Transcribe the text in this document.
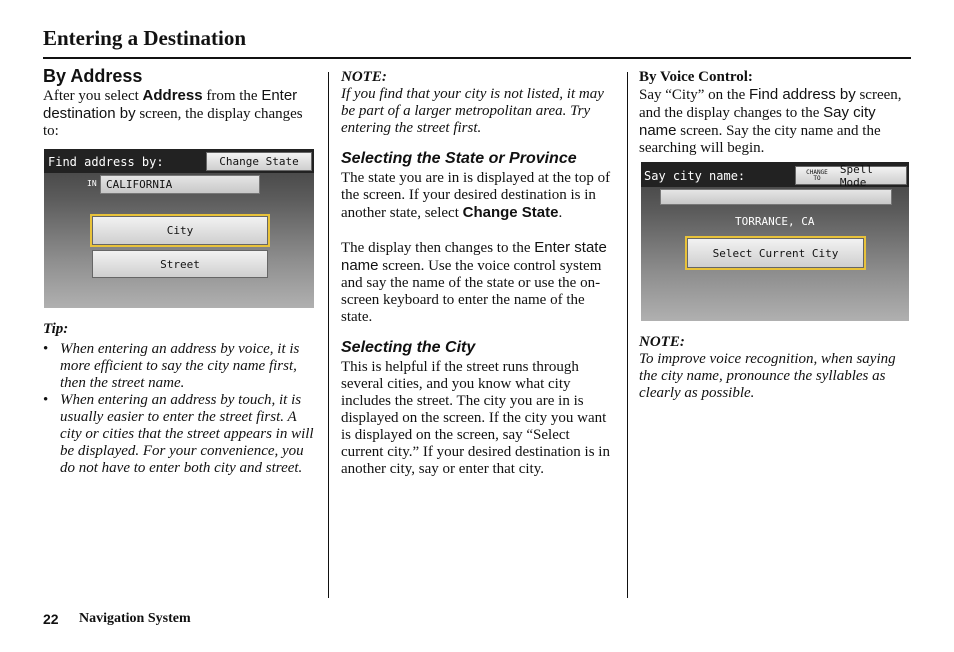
Entering a Destination
By Address

After you select Address from the Enter destination by screen, the display changes to:

Find address by:	Change State
IN CALIFORNIA
City
Street
Tip:
• When entering an address by voice, it is more efficient to say the city name first, then the street name.
• When entering an address by touch, it is usually easier to enter the street first. A city or cities that the street appears in will be displayed. For your convenience, you do not have to enter both city and street.
NOTE:

If you find that your city is not listed, it may be part of a larger metropolitan area. Try entering the street first.

Selecting the State or Province

The state you are in is displayed at the top of the screen. If your desired destination is in another state, select Change State.

The display then changes to the Enter state name screen. Use the voice control system and say the name of the state or use the on-screen keyboard to enter the name of the state.

Selecting the City

This is helpful if the street runs through several cities, and you know what city includes the street. The city you are in is displayed on the screen. If the city you want is displayed on the screen, say “Select current city.” If your desired destination is in another city, say or enter that city.

By Voice Control:

Say “City” on the Find address by screen, and the display changes to the Say city name screen. Say the city name and the searching will begin.

Say city name:	CHANGE
TO
Spell Mode
TORRANCE, CA
Select Current City
NOTE:

To improve voice recognition, when saying the city name, pronounce the syllables as clearly as possible.

22 Navigation System
